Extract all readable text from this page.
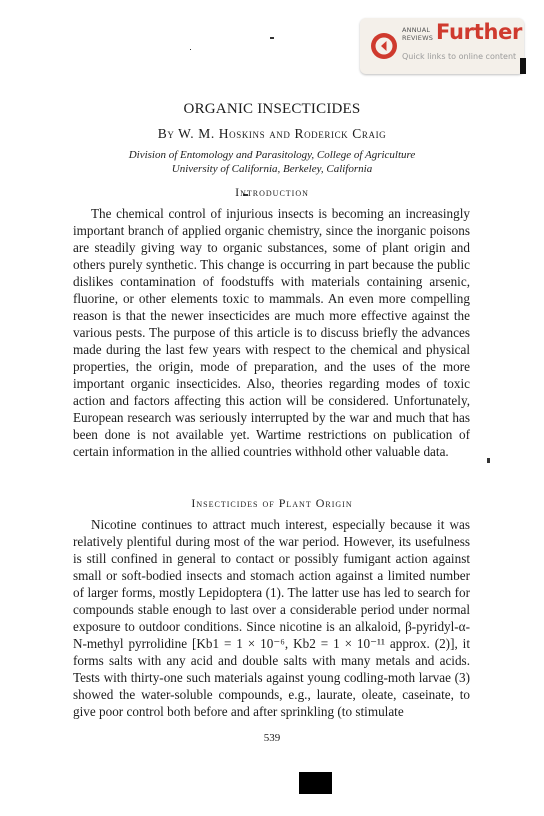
ANNUAL
REVIEWS Further
Quick links to online content
ORGANIC INSECTICIDES
By W. M. Hoskins and Roderick Craig
Division of Entomology and Parasitology, College of Agriculture
University of California, Berkeley, California
Introduction

The chemical control of injurious insects is becoming an increasingly important branch of applied organic chemistry, since the inorganic poisons are steadily giving way to organic substances, some of plant origin and others purely synthetic. This change is occurring in part because the public dislikes contamination of foodstuffs with materials containing arsenic, fluorine, or other elements toxic to mammals. An even more compelling reason is that the newer insecticides are much more effective against the various pests. The purpose of this article is to discuss briefly the advances made during the last few years with respect to the chemical and physical properties, the origin, mode of preparation, and the uses of the more important organic insecticides. Also, theories regarding modes of toxic action and factors affecting this action will be considered. Unfortunately, European research was seriously interrupted by the war and much that has been done is not available yet. Wartime restrictions on publication of certain information in the allied countries withhold other valuable data.

Insecticides of Plant Origin

Nicotine continues to attract much interest, especially because it was relatively plentiful during most of the war period. However, its usefulness is still confined in general to contact or possibly fumigant action against small or soft-bodied insects and stomach action against a limited number of larger forms, mostly Lepidoptera (1). The latter use has led to search for compounds stable enough to last over a considerable period under normal exposure to outdoor conditions. Since nicotine is an alkaloid, β-pyridyl-α-N-methyl pyrrolidine [Kb1 = 1 × 10⁻⁶, Kb2 = 1 × 10⁻¹¹ approx. (2)], it forms salts with any acid and double salts with many metals and acids. Tests with thirty-one such materials against young codling-moth larvae (3) showed the water-soluble compounds, e.g., laurate, oleate, caseinate, to give poor control both before and after sprinkling (to stimulate

539
